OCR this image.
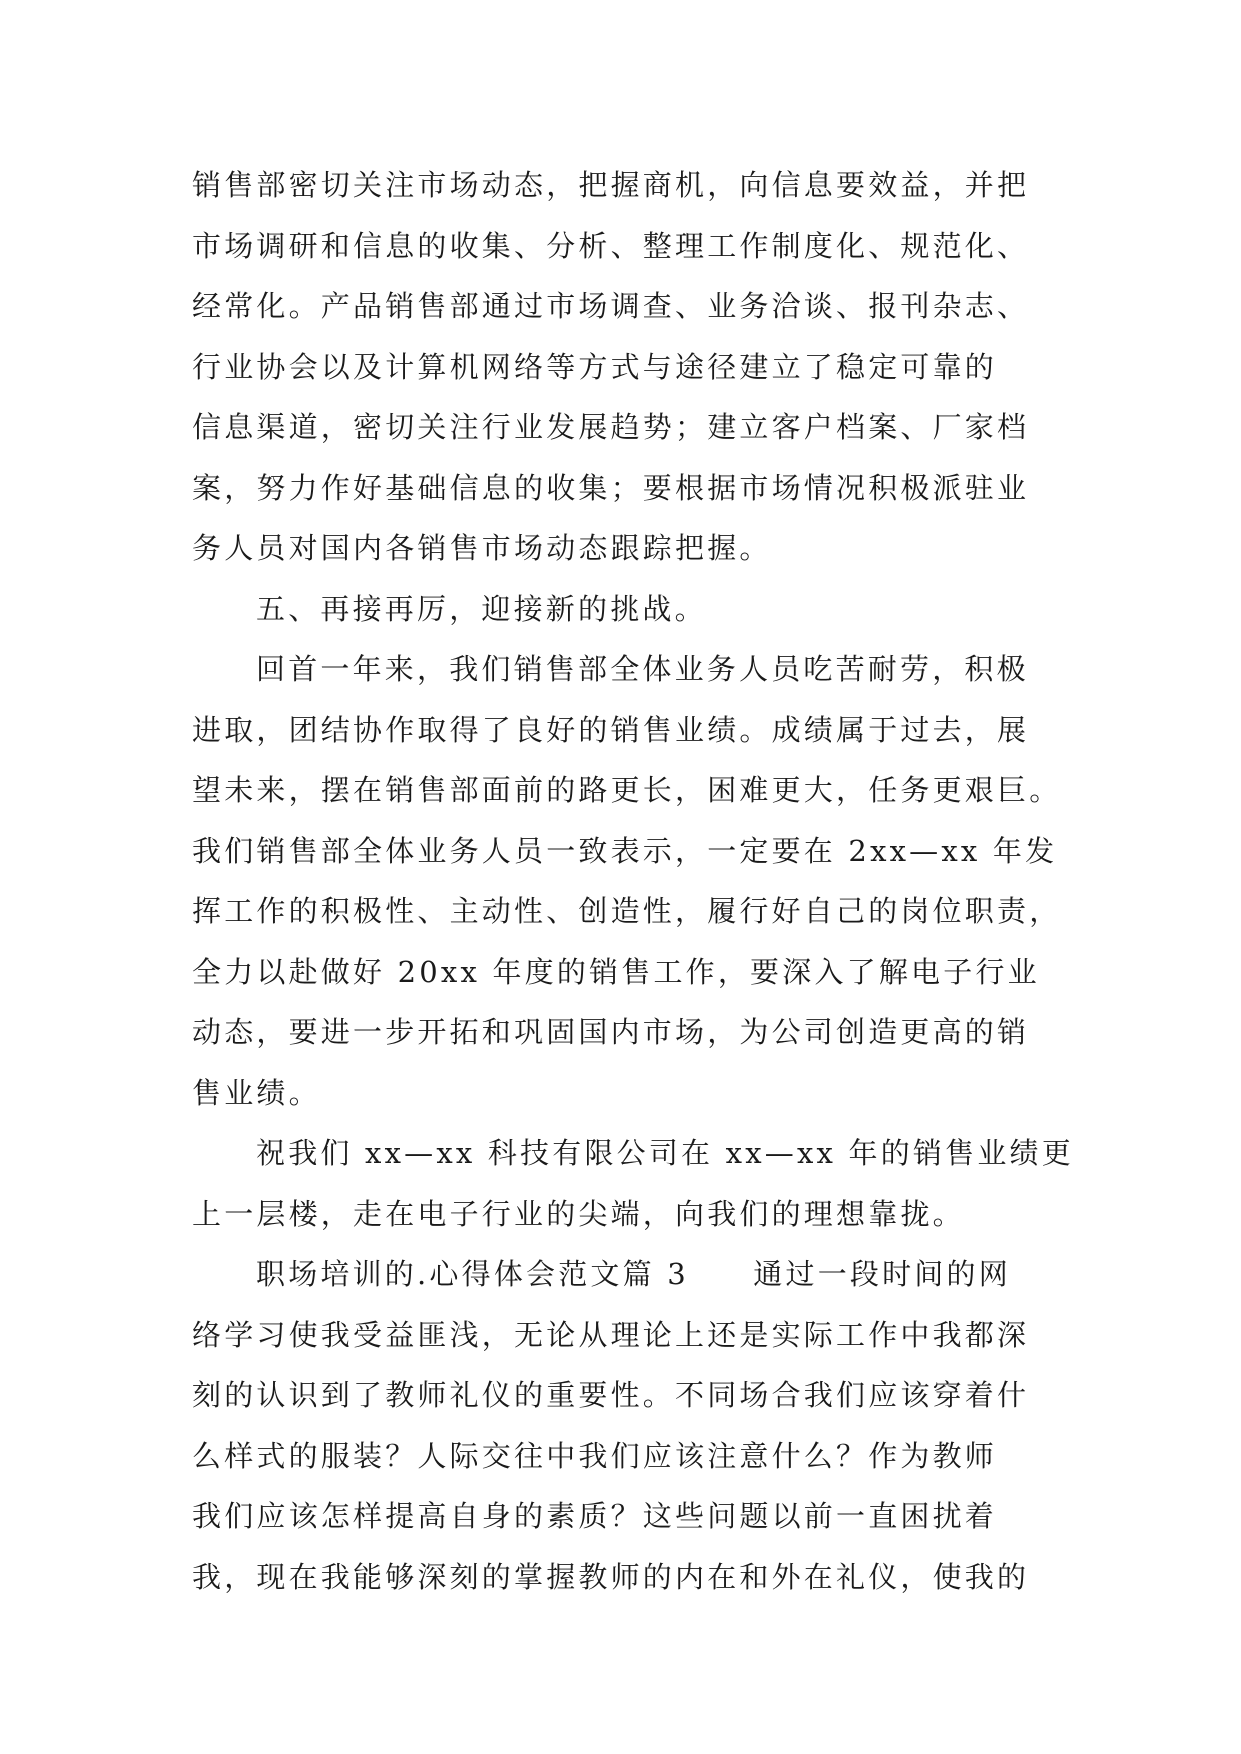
销售部密切关注市场动态，把握商机，向信息要效益，并把
市场调研和信息的收集、分析、整理工作制度化、规范化、
经常化。产品销售部通过市场调查、业务洽谈、报刊杂志、
行业协会以及计算机网络等方式与途径建立了稳定可靠的
信息渠道，密切关注行业发展趋势；建立客户档案、厂家档
案，努力作好基础信息的收集；要根据市场情况积极派驻业
务人员对国内各销售市场动态跟踪把握。
五、再接再厉，迎接新的挑战。
回首一年来，我们销售部全体业务人员吃苦耐劳，积极
进取，团结协作取得了良好的销售业绩。成绩属于过去，展
望未来，摆在销售部面前的路更长，困难更大，任务更艰巨。
我们销售部全体业务人员一致表示，一定要在 2xx—xx 年发
挥工作的积极性、主动性、创造性，履行好自己的岗位职责，
全力以赴做好 20xx 年度的销售工作，要深入了解电子行业
动态，要进一步开拓和巩固国内市场，为公司创造更高的销
售业绩。
祝我们 xx—xx 科技有限公司在 xx—xx 年的销售业绩更
上一层楼，走在电子行业的尖端，向我们的理想靠拢。
职场培训的.心得体会范文篇 3　　通过一段时间的网
络学习使我受益匪浅，无论从理论上还是实际工作中我都深
刻的认识到了教师礼仪的重要性。不同场合我们应该穿着什
么样式的服装？人际交往中我们应该注意什么？作为教师
我们应该怎样提高自身的素质？这些问题以前一直困扰着
我，现在我能够深刻的掌握教师的内在和外在礼仪，使我的
